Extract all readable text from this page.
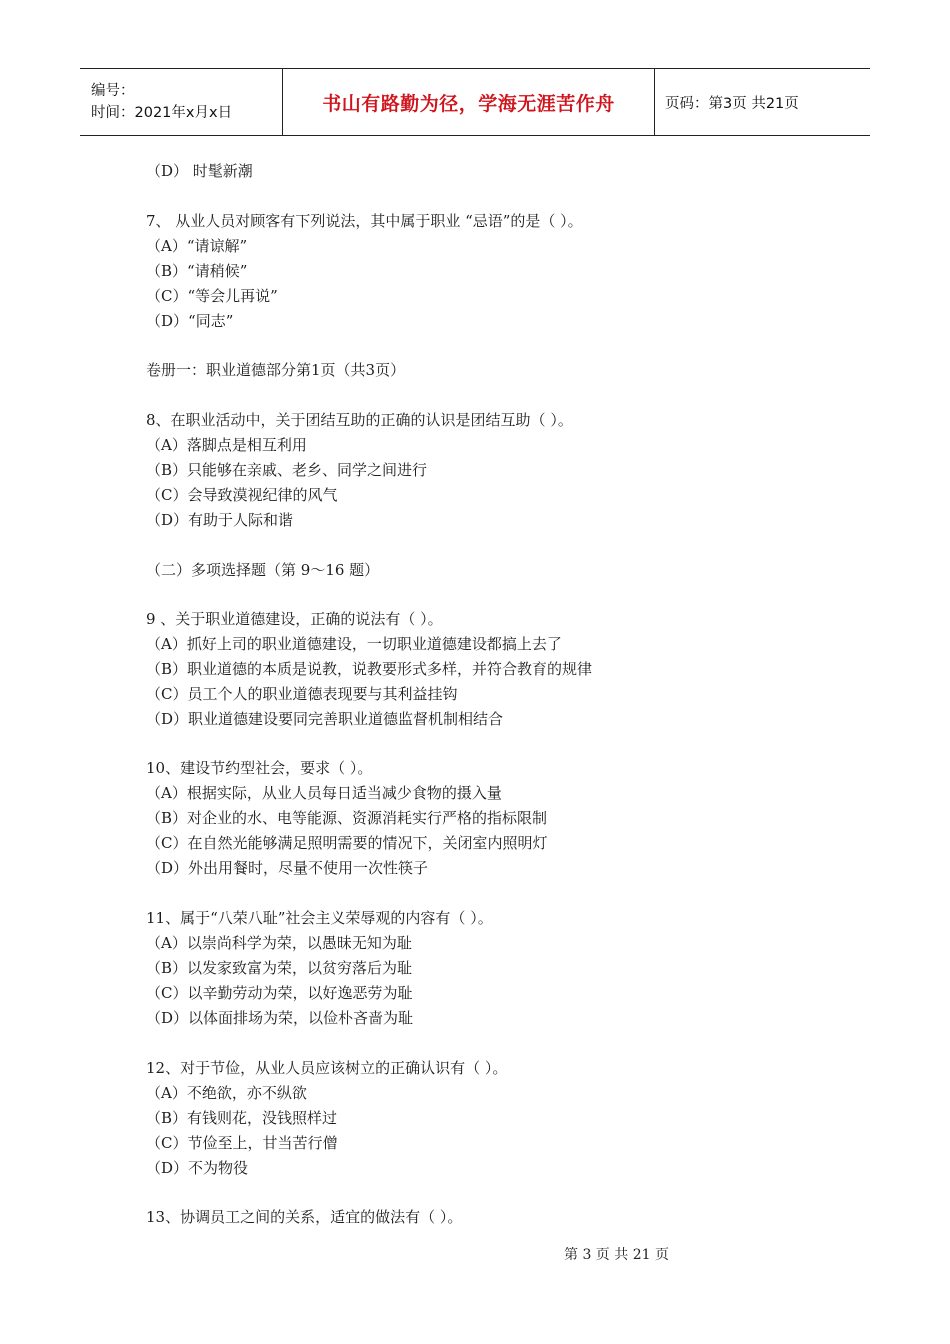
编号：
时间：2021年x月x日	书山有路勤为径，学海无涯苦作舟	页码：第3页 共21页
（D） 时髦新潮
7、 从业人员对顾客有下列说法，其中属于职业 “忌语”的是（ ）。
（A）“请谅解”
（B）“请稍候”
（C）“等会儿再说”
（D）“同志”
卷册一：职业道德部分第1页（共3页）
8、在职业活动中，关于团结互助的正确的认识是团结互助（ ）。
（A）落脚点是相互利用
（B）只能够在亲戚、老乡、同学之间进行
（C）会导致漠视纪律的风气
（D）有助于人际和谐
（二）多项选择题（第 9～16 题）
9 、关于职业道德建设，正确的说法有（ ）。
（A）抓好上司的职业道德建设，一切职业道德建设都搞上去了
（B）职业道德的本质是说教，说教要形式多样，并符合教育的规律
（C）员工个人的职业道德表现要与其利益挂钩
（D）职业道德建设要同完善职业道德监督机制相结合
10、建设节约型社会，要求（ ）。
（A）根据实际，从业人员每日适当减少食物的摄入量
（B）对企业的水、电等能源、资源消耗实行严格的指标限制
（C）在自然光能够满足照明需要的情况下，关闭室内照明灯
（D）外出用餐时，尽量不使用一次性筷子
11、属于“八荣八耻”社会主义荣辱观的内容有（ ）。
（A）以崇尚科学为荣，以愚昧无知为耻
（B）以发家致富为荣，以贫穷落后为耻
（C）以辛勤劳动为荣，以好逸恶劳为耻
（D）以体面排场为荣，以俭朴吝啬为耻
12、对于节俭，从业人员应该树立的正确认识有（ ）。
（A）不绝欲，亦不纵欲
（B）有钱则花，没钱照样过
（C）节俭至上，甘当苦行僧
（D）不为物役
13、协调员工之间的关系，适宜的做法有（ ）。
第 3 页 共 21 页
